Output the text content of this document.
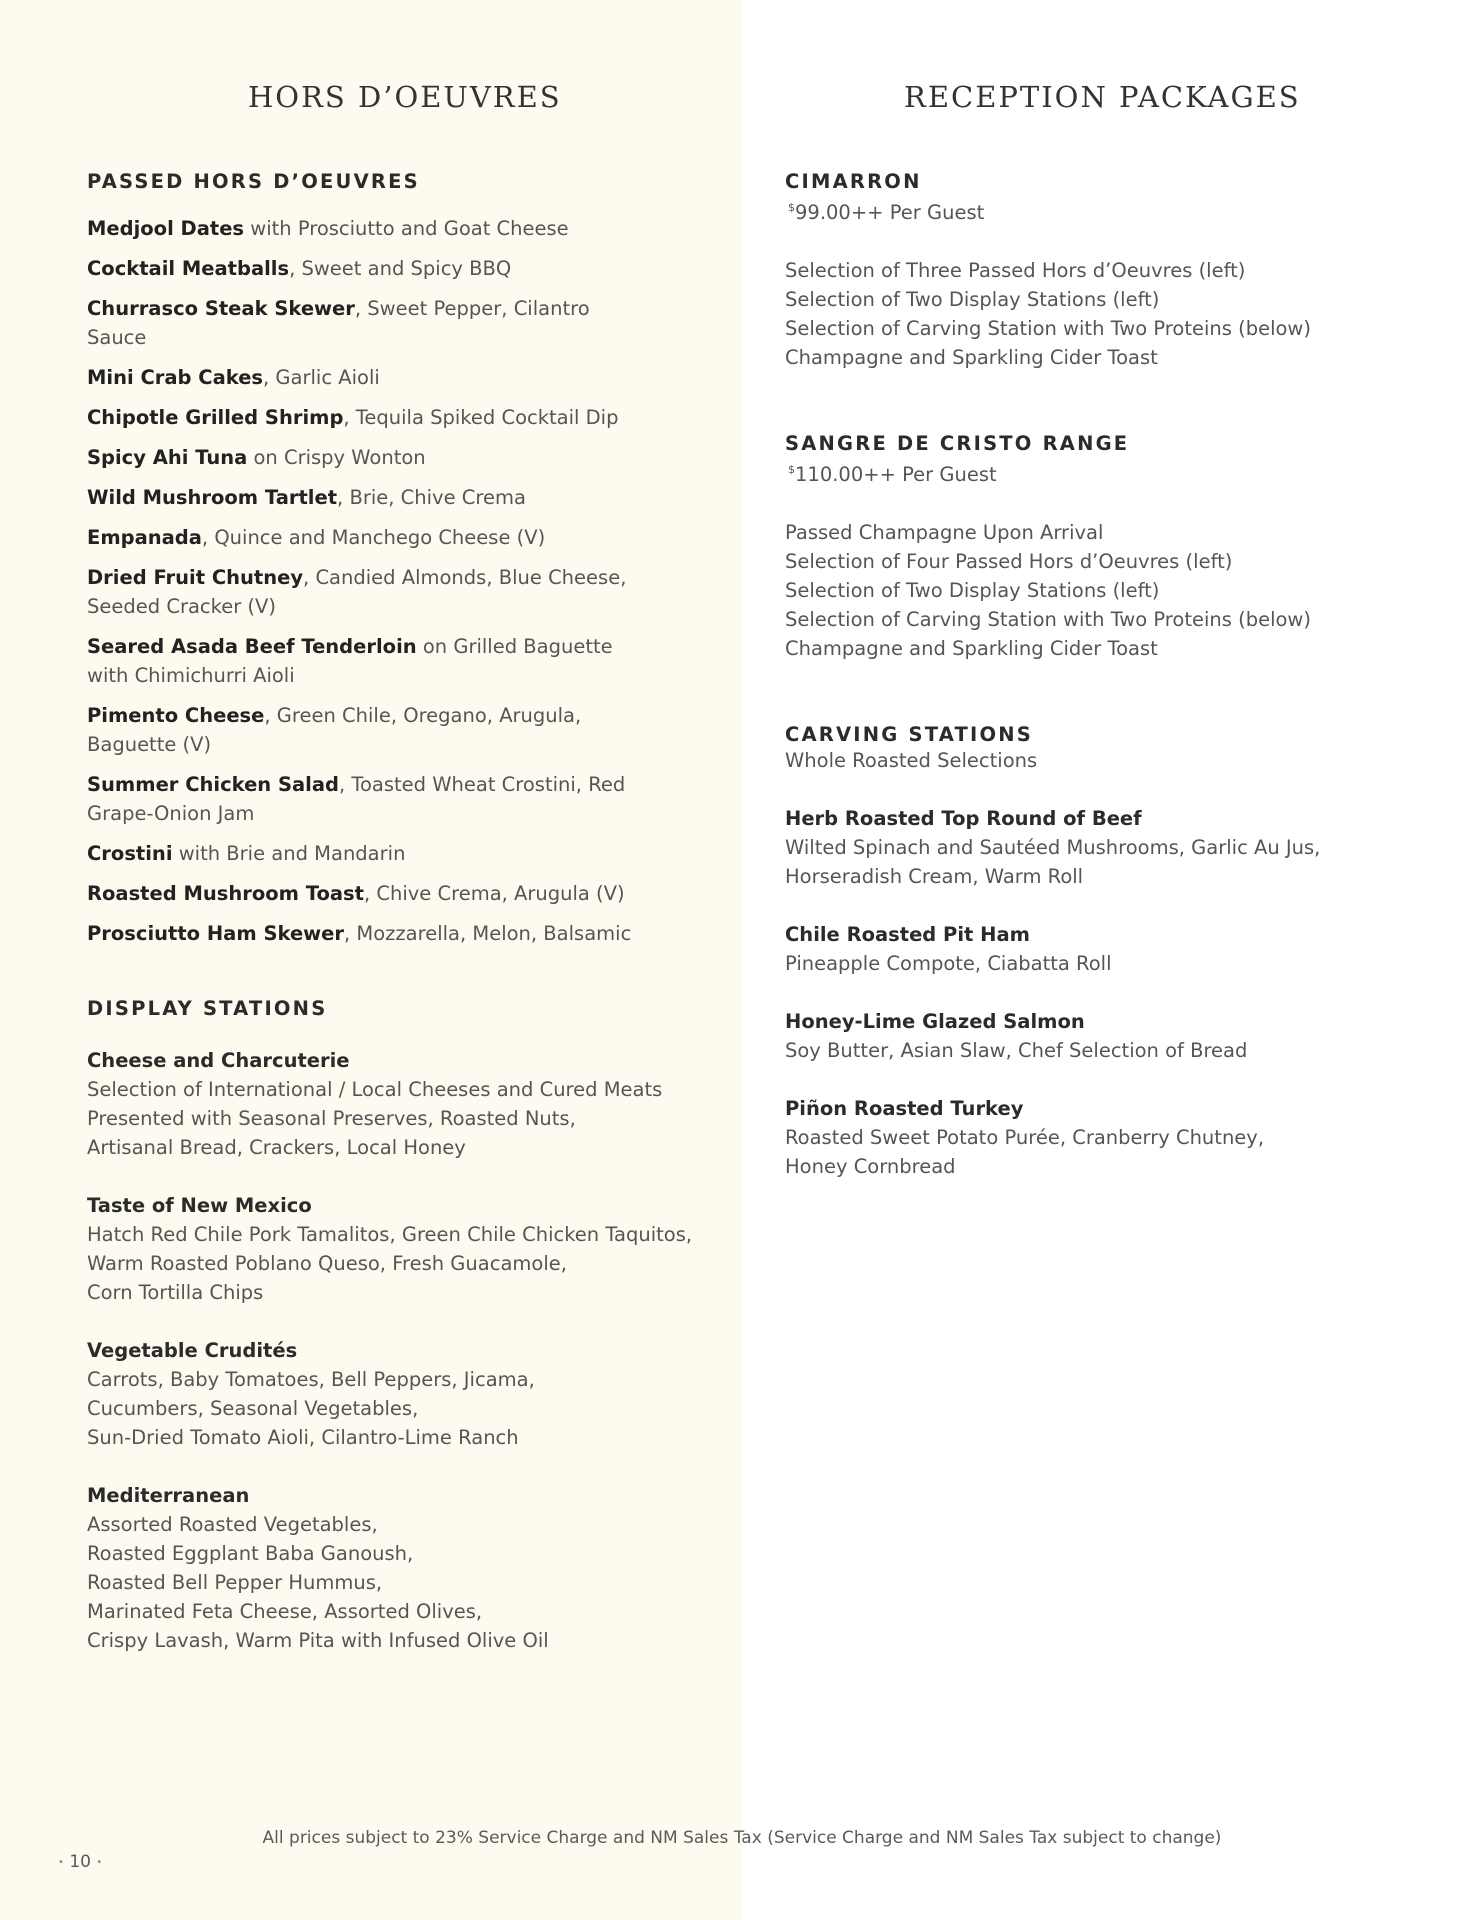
HORS D’OEUVRES
PASSED HORS D’OEUVRES

Medjool Dates with Prosciutto and Goat Cheese

Cocktail Meatballs, Sweet and Spicy BBQ

Churrasco Steak Skewer, Sweet Pepper, Cilantro Sauce

Mini Crab Cakes, Garlic Aioli

Chipotle Grilled Shrimp, Tequila Spiked Cocktail Dip

Spicy Ahi Tuna on Crispy Wonton

Wild Mushroom Tartlet, Brie, Chive Crema

Empanada, Quince and Manchego Cheese (V)

Dried Fruit Chutney, Candied Almonds, Blue Cheese, Seeded Cracker (V)

Seared Asada Beef Tenderloin on Grilled Baguette with Chimichurri Aioli

Pimento Cheese, Green Chile, Oregano, Arugula, Baguette (V)

Summer Chicken Salad, Toasted Wheat Crostini, Red Grape-Onion Jam

Crostini with Brie and Mandarin

Roasted Mushroom Toast, Chive Crema, Arugula (V)

Prosciutto Ham Skewer, Mozzarella, Melon, Balsamic

DISPLAY STATIONS

Cheese and Charcuterie

Selection of International / Local Cheeses and Cured Meats

Presented with Seasonal Preserves, Roasted Nuts,

Artisanal Bread, Crackers, Local Honey

Taste of New Mexico

Hatch Red Chile Pork Tamalitos, Green Chile Chicken Taquitos,

Warm Roasted Poblano Queso, Fresh Guacamole,

Corn Tortilla Chips

Vegetable Crudités

Carrots, Baby Tomatoes, Bell Peppers, Jicama,

Cucumbers, Seasonal Vegetables,

Sun-Dried Tomato Aioli, Cilantro-Lime Ranch

Mediterranean

Assorted Roasted Vegetables,

Roasted Eggplant Baba Ganoush,

Roasted Bell Pepper Hummus,

Marinated Feta Cheese, Assorted Olives,

Crispy Lavash, Warm Pita with Infused Olive Oil

RECEPTION PACKAGES
CIMARRON

$99.00++ Per Guest

Selection of Three Passed Hors d’Oeuvres (left)

Selection of Two Display Stations (left)

Selection of Carving Station with Two Proteins (below)

Champagne and Sparkling Cider Toast

SANGRE DE CRISTO RANGE

$110.00++ Per Guest

Passed Champagne Upon Arrival

Selection of Four Passed Hors d’Oeuvres (left)

Selection of Two Display Stations (left)

Selection of Carving Station with Two Proteins (below)

Champagne and Sparkling Cider Toast

CARVING STATIONS

Whole Roasted Selections

Herb Roasted Top Round of Beef

Wilted Spinach and Sautéed Mushrooms, Garlic Au Jus,

Horseradish Cream, Warm Roll

Chile Roasted Pit Ham

Pineapple Compote, Ciabatta Roll

Honey-Lime Glazed Salmon

Soy Butter, Asian Slaw, Chef Selection of Bread

Piñon Roasted Turkey

Roasted Sweet Potato Purée, Cranberry Chutney,

Honey Cornbread

All prices subject to 23% Service Charge and NM Sales Tax (Service Charge and NM Sales Tax subject to change)
• 10 •
